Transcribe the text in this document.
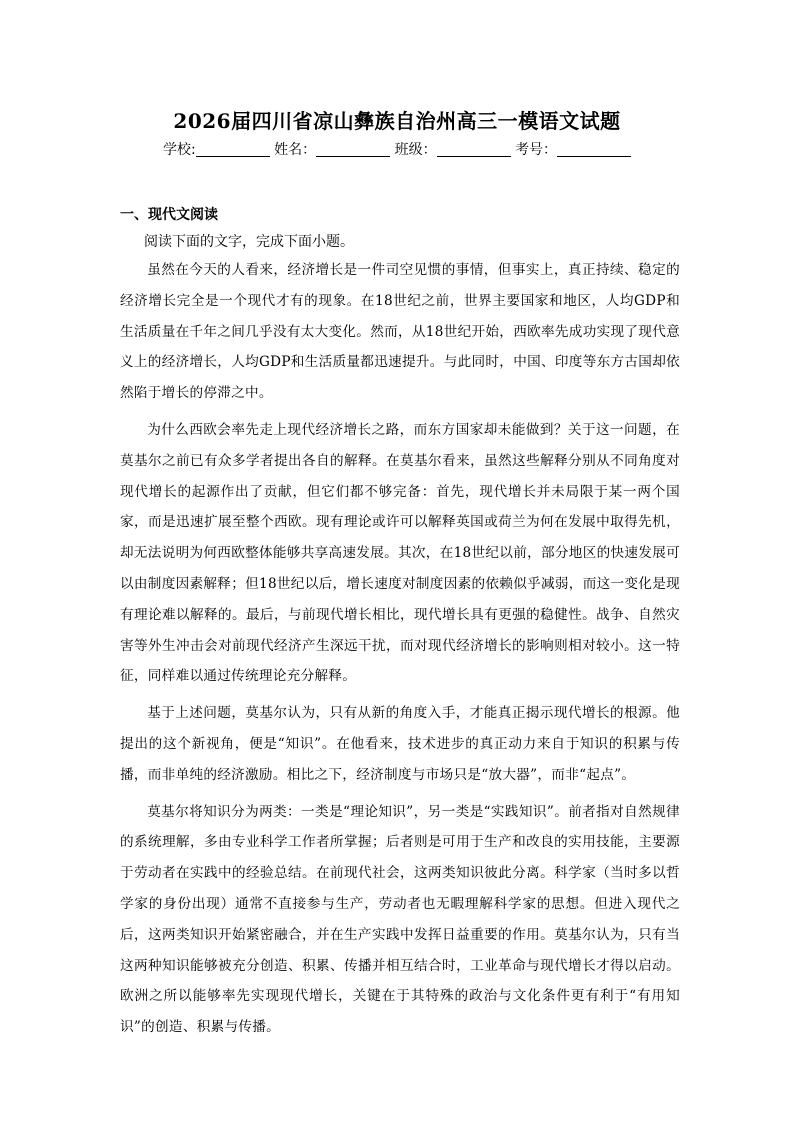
2026届四川省凉山彝族自治州高三一模语文试题
学校:	姓名：	班级：	考号：
一、现代文阅读
阅读下面的文字，完成下面小题。

虽然在今天的人看来，经济增长是一件司空见惯的事情，但事实上，真正持续、稳定的经济增长完全是一个现代才有的现象。在18世纪之前，世界主要国家和地区，人均GDP和生活质量在千年之间几乎没有太大变化。然而，从18世纪开始，西欧率先成功实现了现代意义上的经济增长，人均GDP和生活质量都迅速提升。与此同时，中国、印度等东方古国却依然陷于增长的停滞之中。

为什么西欧会率先走上现代经济增长之路，而东方国家却未能做到？关于这一问题，在莫基尔之前已有众多学者提出各自的解释。在莫基尔看来，虽然这些解释分别从不同角度对现代增长的起源作出了贡献，但它们都不够完备：首先，现代增长并未局限于某一两个国家，而是迅速扩展至整个西欧。现有理论或许可以解释英国或荷兰为何在发展中取得先机，却无法说明为何西欧整体能够共享高速发展。其次，在18世纪以前，部分地区的快速发展可以由制度因素解释；但18世纪以后，增长速度对制度因素的依赖似乎减弱，而这一变化是现有理论难以解释的。最后，与前现代增长相比，现代增长具有更强的稳健性。战争、自然灾害等外生冲击会对前现代经济产生深远干扰，而对现代经济增长的影响则相对较小。这一特征，同样难以通过传统理论充分解释。

基于上述问题，莫基尔认为，只有从新的角度入手，才能真正揭示现代增长的根源。他提出的这个新视角，便是“知识”。在他看来，技术进步的真正动力来自于知识的积累与传播，而非单纯的经济激励。相比之下，经济制度与市场只是“放大器”，而非“起点”。

莫基尔将知识分为两类：一类是“理论知识”，另一类是“实践知识”。前者指对自然规律的系统理解，多由专业科学工作者所掌握；后者则是可用于生产和改良的实用技能，主要源于劳动者在实践中的经验总结。在前现代社会，这两类知识彼此分离。科学家（当时多以哲学家的身份出现）通常不直接参与生产，劳动者也无暇理解科学家的思想。但进入现代之后，这两类知识开始紧密融合，并在生产实践中发挥日益重要的作用。莫基尔认为，只有当这两种知识能够被充分创造、积累、传播并相互结合时，工业革命与现代增长才得以启动。欧洲之所以能够率先实现现代增长，关键在于其特殊的政治与文化条件更有利于“有用知识”的创造、积累与传播。
